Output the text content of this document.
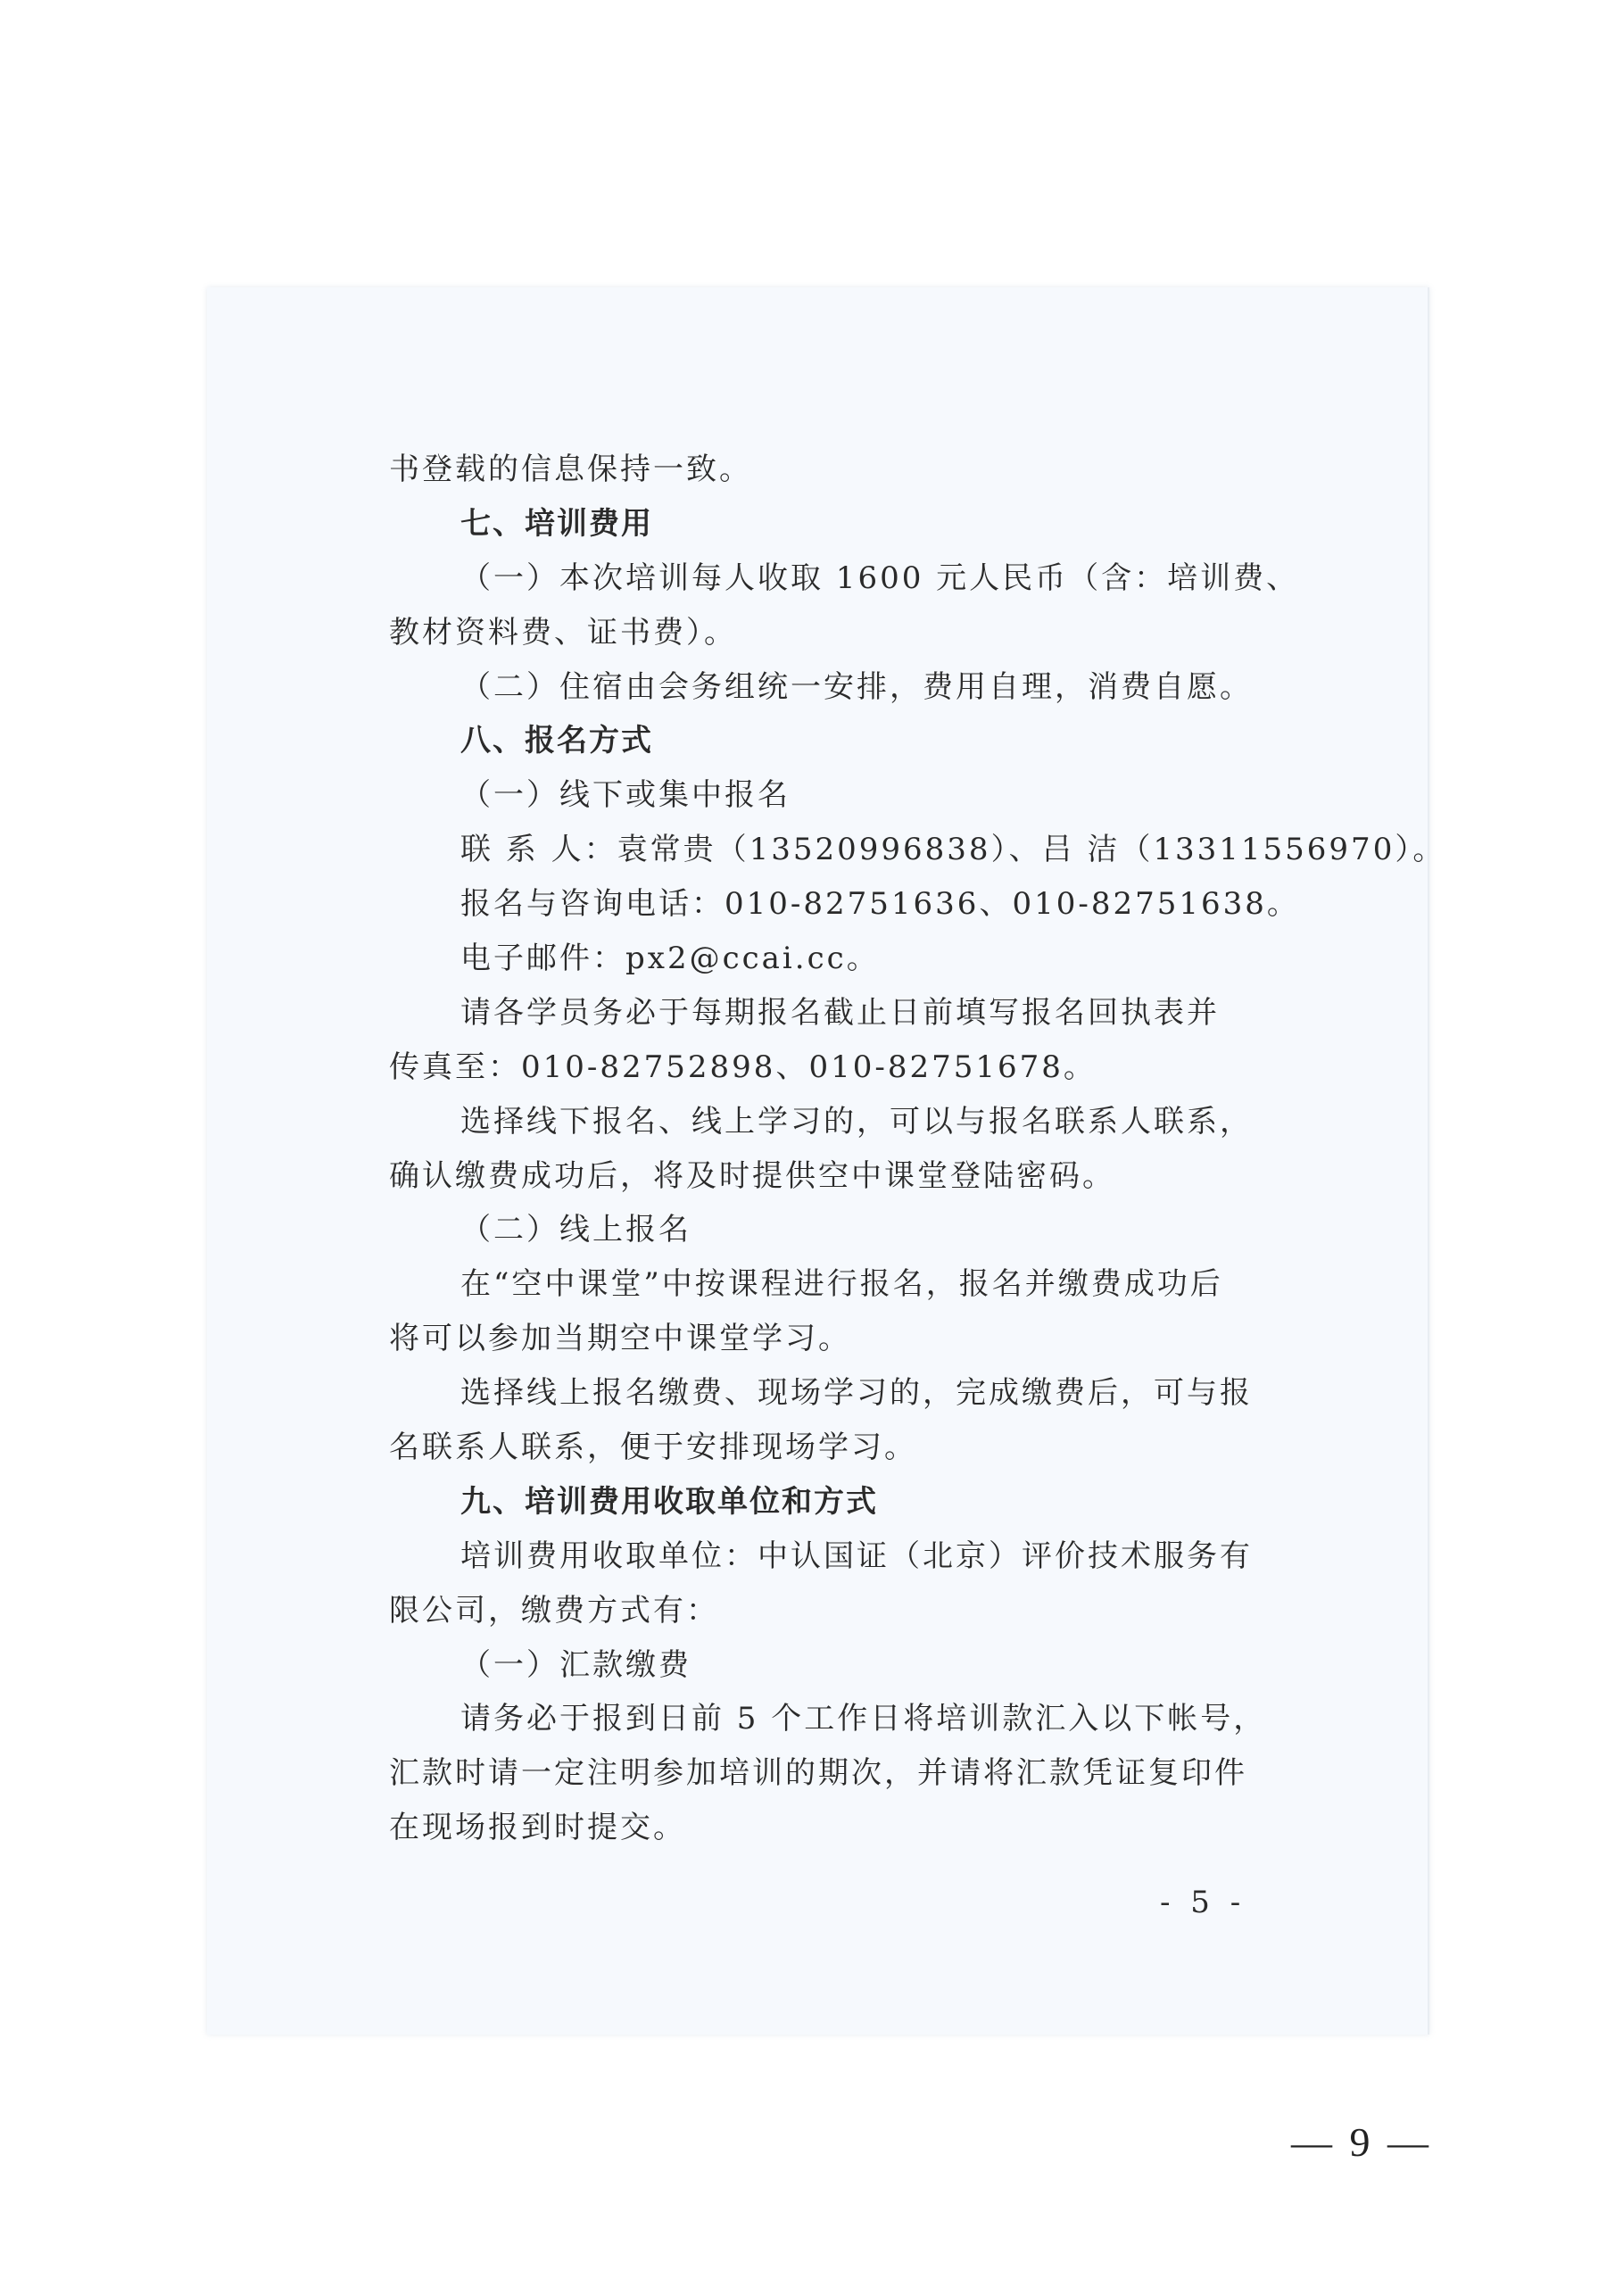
书登载的信息保持一致。

七、培训费用

（一）本次培训每人收取 1600 元人民币（含：培训费、

教材资料费、证书费）。

（二）住宿由会务组统一安排，费用自理，消费自愿。

八、报名方式

（一）线下或集中报名

联 系 人：袁常贵（13520996838）、吕 洁（13311556970）。

报名与咨询电话：010-82751636、010-82751638。

电子邮件：px2@ccai.cc。

请各学员务必于每期报名截止日前填写报名回执表并

传真至：010-82752898、010-82751678。

选择线下报名、线上学习的，可以与报名联系人联系，

确认缴费成功后，将及时提供空中课堂登陆密码。

（二）线上报名

在“空中课堂”中按课程进行报名，报名并缴费成功后

将可以参加当期空中课堂学习。

选择线上报名缴费、现场学习的，完成缴费后，可与报

名联系人联系，便于安排现场学习。

九、培训费用收取单位和方式

培训费用收取单位：中认国证（北京）评价技术服务有

限公司，缴费方式有：

（一）汇款缴费

请务必于报到日前 5 个工作日将培训款汇入以下帐号，

汇款时请一定注明参加培训的期次，并请将汇款凭证复印件

在现场报到时提交。

- 5 -
— 9 —
